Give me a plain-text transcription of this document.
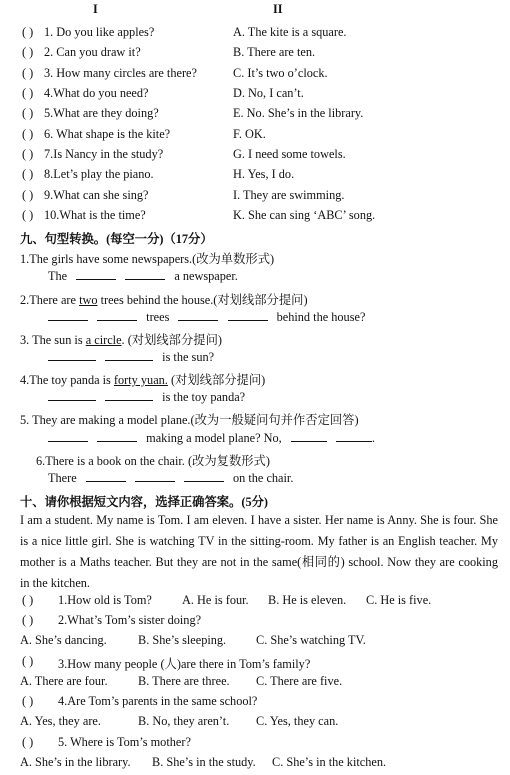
I	II
( ) 1. Do you like apples?	A. The kite is a square.
( ) 2. Can you draw it?	B. There are ten.
( ) 3. How many circles are there?	C. It’s two o’clock.
( ) 4.What do you need?	D. No, I can’t.
( ) 5.What are they doing?	E. No. She’s in the library.
( ) 6. What shape is the kite?	F. OK.
( ) 7.Is Nancy in the study?	G. I need some towels.
( ) 8.Let’s play the piano.	H. Yes, I do.
( ) 9.What can she sing?	I. They are swimming.
( ) 10.What is the time?	K. She can sing ‘ABC’ song.
九、句型转换。(每空一分)（17分）
1.The girls have some newspapers.(改为单数形式)
The	a newspaper.
2.There are two trees behind the house.(对划线部分提问)
trees	behind the house?
3. The sun is a circle. (对划线部分提问)
is the sun?
4.The toy panda is forty yuan. (对划线部分提问)
is the toy panda?
5. They are making a model plane.(改为一般疑问句并作否定回答)
making a model plane? No,	.
6.There is a book on the chair. (改为复数形式)
There	on the chair.
十、请你根据短文内容，选择正确答案。(5分)
I am a student. My name is Tom. I am eleven. I have a sister. Her name is Anny. She is four. She is a nice little girl. She is watching TV in the sitting-room. My father is an English teacher. My mother is a Maths teacher. But they are not in the same(相同的) school. Now they are cooking in the kitchen.
( ) 1.How old is Tom? A. He is four. B. He is eleven. C. He is five.
( ) 2.What’s Tom’s sister doing?
A. She’s dancing.	B. She’s sleeping. C. She’s watching TV.
( ) 3.How many people (人)are there in Tom’s family?
A. There are four. B. There are three. C. There are five.
( ) 4.Are Tom’s parents in the same school?
A. Yes, they are.	B. No, they aren’t. C. Yes, they can.
( ) 5. Where is Tom’s mother?
A. She’s in the library. B. She’s in the study. C. She’s in the kitchen.
